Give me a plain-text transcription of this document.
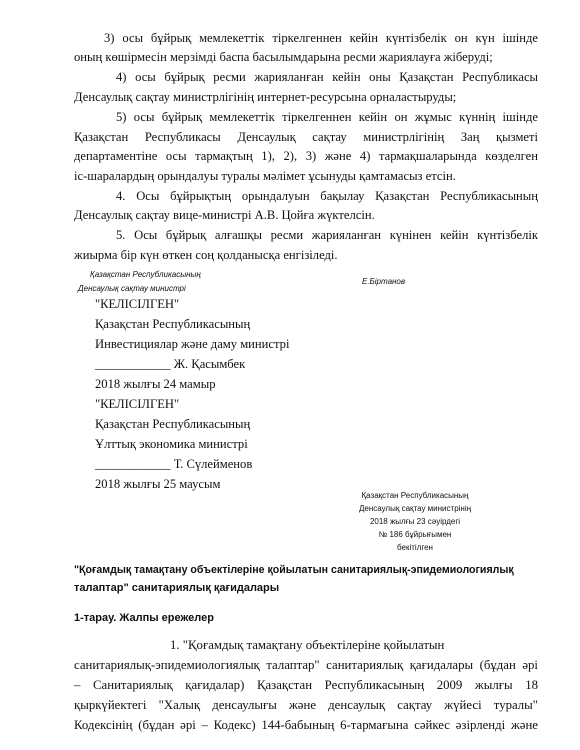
3) осы бұйрық мемлекеттік тіркелгеннен кейін күнтізбелік он күн ішінде
оның көшірмесін мерзімді баспа басылымдарына ресми жариялауға жіберуді;
4) осы бұйрық ресми жарияланған кейін оны Қазақстан Республикасы
Денсаулық сақтау министрлігінің интернет-ресурсына орналастыруды;
5) осы бұйрық мемлекеттік тіркелгеннен кейін он жұмыс күннің ішінде
Қазақстан Республикасы Денсаулық сақтау министрлігінің Заң қызметі
департаментіне осы тармақтың 1), 2), 3) және 4) тармақшаларында көзделген
іс-шаралардың орындалуы туралы мәлімет ұсынуды қамтамасыз етсін.
4. Осы бұйрықтың орындалуын бақылау Қазақстан Республикасының
Денсаулық сақтау вице-министрі А.В. Цойға жүктелсін.
5. Осы бұйрық алғашқы ресми жарияланған күнінен кейін күнтізбелік
жиырма бір күн өткен соң қолданысқа енгізіледі.
Қазақстан Республикасының
Денсаулық сақтау министрі
Е.Біртанов
"КЕЛІСІЛГЕН"
Қазақстан Республикасының
Инвестициялар және даму министрі
____________ Ж. Қасымбек
2018 жылғы 24 мамыр
"КЕЛІСІЛГЕН"
Қазақстан Республикасының
Ұлттық экономика министрі
____________ Т. Сүлейменов
2018 жылғы 25 маусым
Қазақстан Республикасының
Денсаулық сақтау министрінің
2018 жылғы 23 сәуірдегі
№ 186 бұйрығымен
бекітілген
"Қоғамдық тамақтану объектілеріне қойылатын санитариялық-эпидемиологиялық
талаптар" санитариялық қағидалары
1-тарау. Жалпы ережелер
1. "Қоғамдық тамақтану объектілеріне қойылатын
санитариялық-эпидемиологиялық талаптар" санитариялық қағидалары (бұдан әрі
– Санитариялық қағидалар) Қазақстан Республикасының 2009 жылғы 18
қыркүйектегі "Халық денсаулығы және денсаулық сақтау жүйесі туралы"
Кодексінің (бұдан әрі – Кодекс) 144-бабының 6-тармағына сәйкес әзірленді және
